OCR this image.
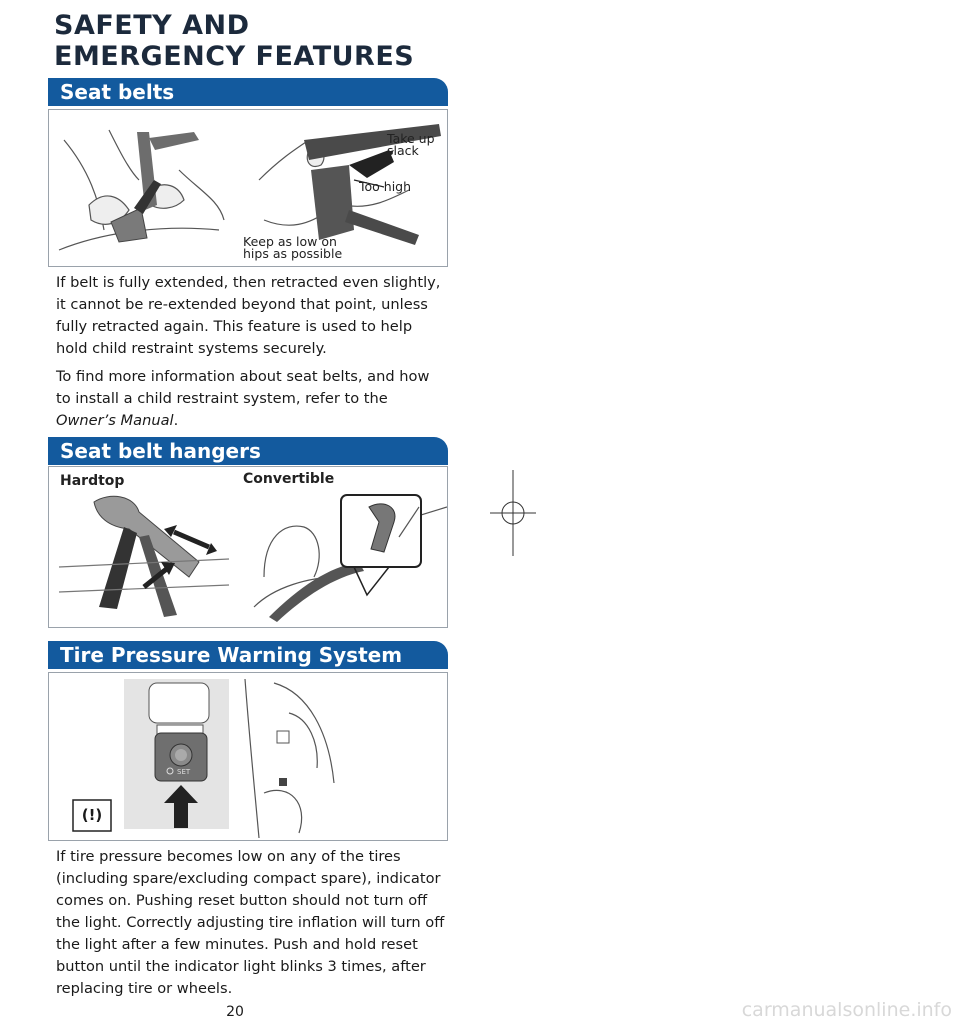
SAFETY AND
EMERGENCY FEATURES
Seat belts
Take up
slack
Too high
Keep as low on
hips as possible

If belt is fully extended, then retracted even slightly, it cannot be re-extended beyond that point, unless fully retracted again. This feature is used to help hold child restraint systems securely.

To find more information about seat belts, and how to install a child restraint system, refer to the Owner’s Manual.

Seat belt hangers
Hardtop	Convertible
Tire Pressure Warning System
SET
(!)

If tire pressure becomes low on any of the tires (including spare/excluding compact spare), indicator comes on. Pushing reset button should not turn off the light. Correctly adjusting tire inflation will turn off the light after a few minutes. Push and hold reset button until the indicator light blinks 3 times, after replacing tire or wheels.

20	carmanualsonline.info
